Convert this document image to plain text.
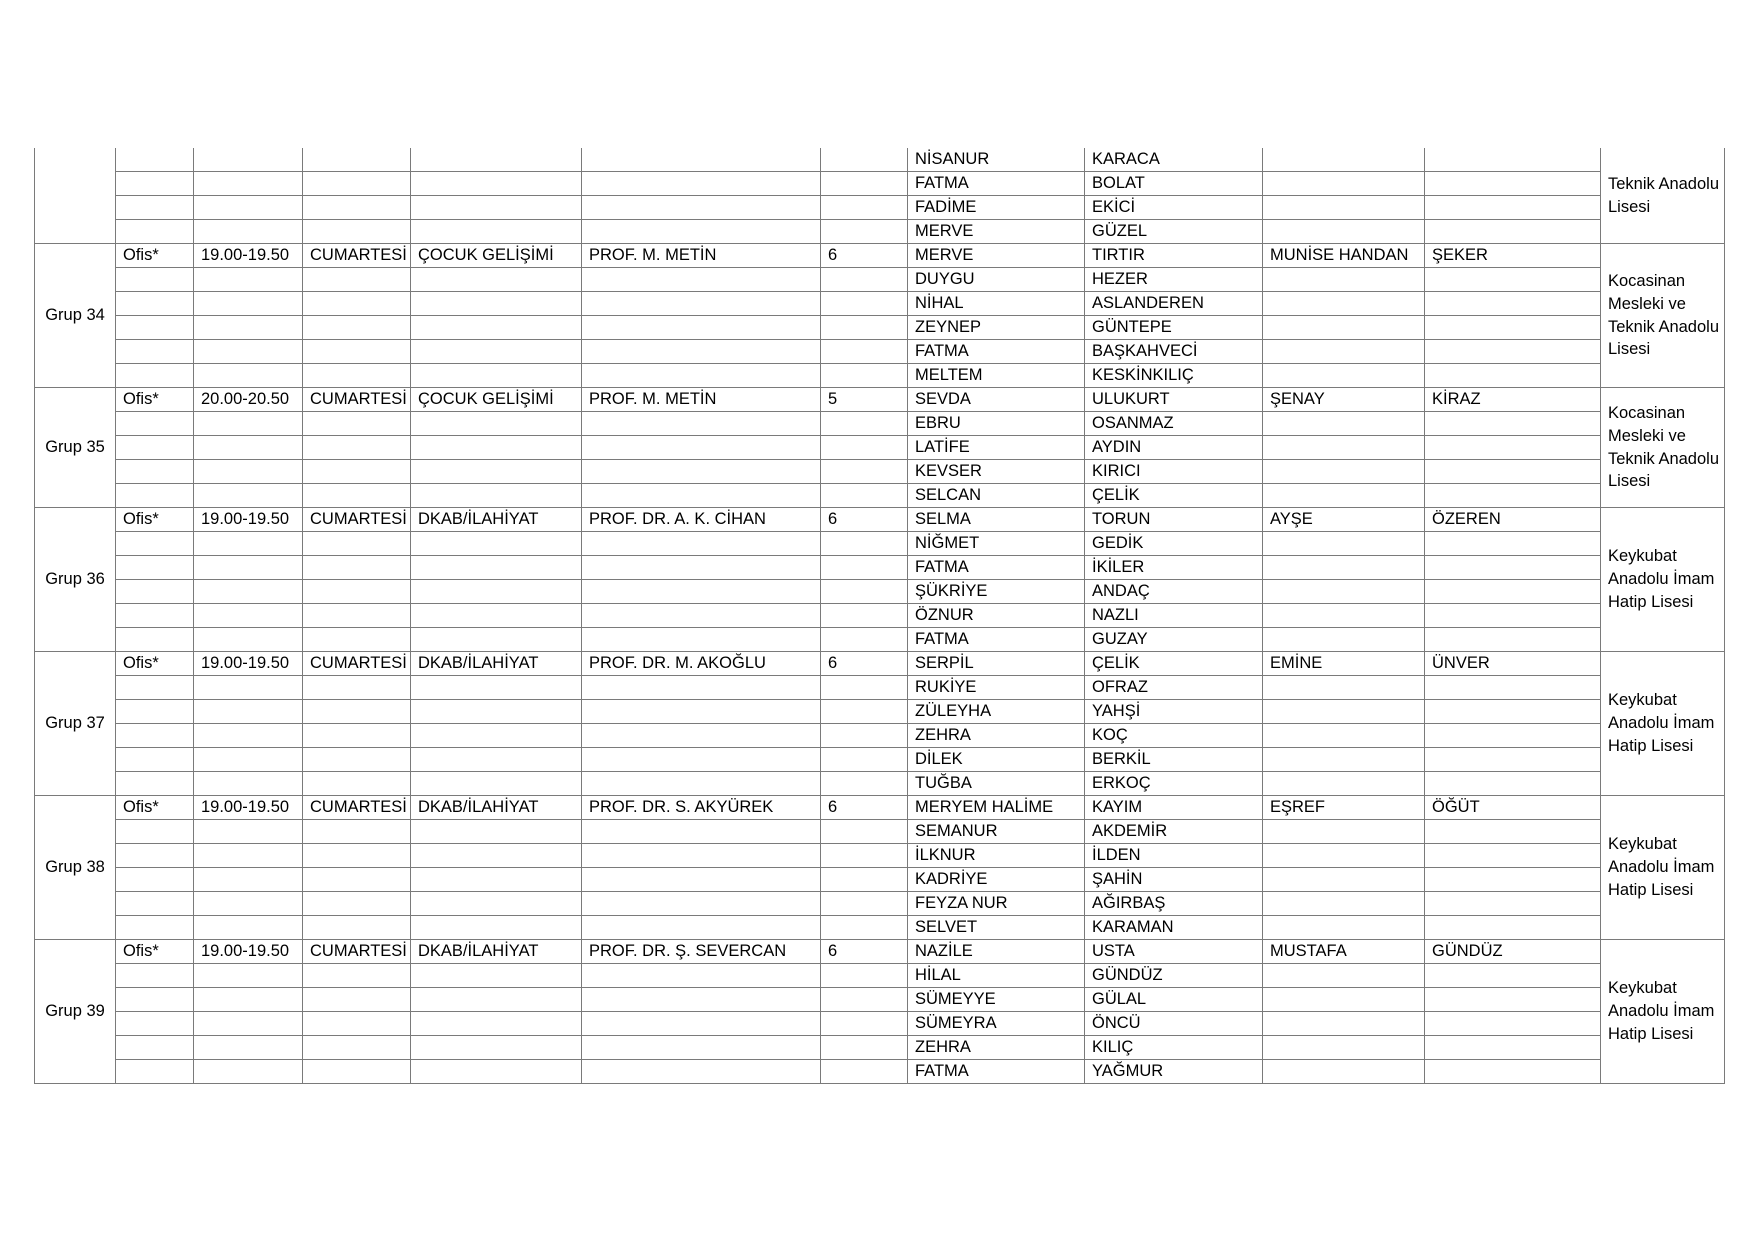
							NİSANUR	KARACA			Teknik Anadolu Lisesi
							FATMA	BOLAT			
							FADİME	EKİCİ			
							MERVE	GÜZEL			
Grup 34	Ofis*	19.00-19.50	CUMARTESİ	ÇOCUK GELİŞİMİ	PROF. M. METİN	6	MERVE	TIRTIR	MUNİSE HANDAN	ŞEKER	Kocasinan Mesleki ve Teknik Anadolu Lisesi
							DUYGU	HEZER			
							NİHAL	ASLANDEREN			
							ZEYNEP	GÜNTEPE			
							FATMA	BAŞKAHVECİ			
							MELTEM	KESKİNKILIÇ			
Grup 35	Ofis*	20.00-20.50	CUMARTESİ	ÇOCUK GELİŞİMİ	PROF. M. METİN	5	SEVDA	ULUKURT	ŞENAY	KİRAZ	Kocasinan Mesleki ve Teknik Anadolu Lisesi
							EBRU	OSANMAZ			
							LATİFE	AYDIN			
							KEVSER	KIRICI			
							SELCAN	ÇELİK			
Grup 36	Ofis*	19.00-19.50	CUMARTESİ	DKAB/İLAHİYAT	PROF. DR. A. K. CİHAN	6	SELMA	TORUN	AYŞE	ÖZEREN	Keykubat Anadolu İmam Hatip Lisesi
							NİĞMET	GEDİK			
							FATMA	İKİLER			
							ŞÜKRİYE	ANDAÇ			
							ÖZNUR	NAZLI			
							FATMA	GUZAY			
Grup 37	Ofis*	19.00-19.50	CUMARTESİ	DKAB/İLAHİYAT	PROF. DR. M. AKOĞLU	6	SERPİL	ÇELİK	EMİNE	ÜNVER	Keykubat Anadolu İmam Hatip Lisesi
							RUKİYE	OFRAZ			
							ZÜLEYHA	YAHŞİ			
							ZEHRA	KOÇ			
							DİLEK	BERKİL			
							TUĞBA	ERKOÇ			
Grup 38	Ofis*	19.00-19.50	CUMARTESİ	DKAB/İLAHİYAT	PROF. DR. S. AKYÜREK	6	MERYEM HALİME	KAYIM	EŞREF	ÖĞÜT	Keykubat Anadolu İmam Hatip Lisesi
							SEMANUR	AKDEMİR			
							İLKNUR	İLDEN			
							KADRİYE	ŞAHİN			
							FEYZA NUR	AĞIRBAŞ			
							SELVET	KARAMAN			
Grup 39	Ofis*	19.00-19.50	CUMARTESİ	DKAB/İLAHİYAT	PROF. DR. Ş. SEVERCAN	6	NAZİLE	USTA	MUSTAFA	GÜNDÜZ	Keykubat Anadolu İmam Hatip Lisesi
							HİLAL	GÜNDÜZ			
							SÜMEYYE	GÜLAL			
							SÜMEYRA	ÖNCÜ			
							ZEHRA	KILIÇ			
							FATMA	YAĞMUR			
